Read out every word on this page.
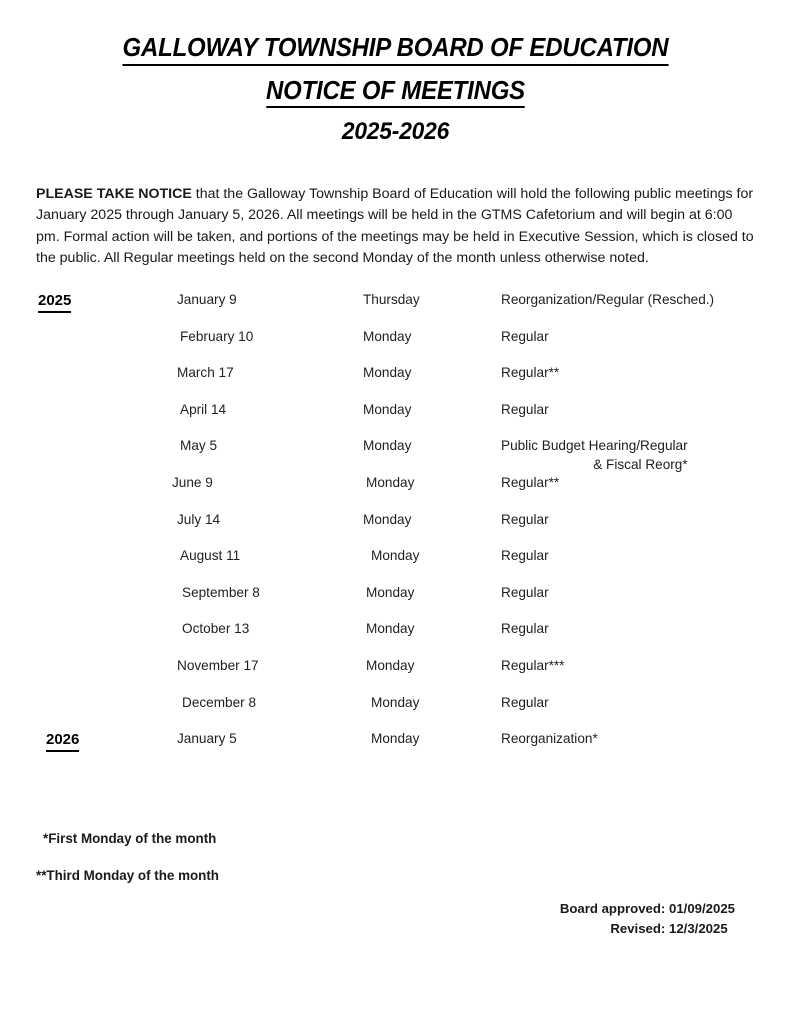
GALLOWAY TOWNSHIP BOARD OF EDUCATION
NOTICE OF MEETINGS
2025-2026

PLEASE TAKE NOTICE that the Galloway Township Board of Education will hold the following public meetings for January 2025 through January 5, 2026. All meetings will be held in the GTMS Cafetorium and will begin at 6:00 pm. Formal action will be taken, and portions of the meetings may be held in Executive Session, which is closed to the public. All Regular meetings held on the second Monday of the month unless otherwise noted.

2025	January 9	Thursday	Reorganization/Regular (Resched.)
February 10	Monday	Regular
March 17	Monday	Regular**
April 14	Monday	Regular
May 5	Monday	Public Budget Hearing/Regular
& Fiscal Reorg*
June 9	Monday	Regular**
July 14	Monday	Regular
August 11	Monday	Regular
September 8	Monday	Regular
October 13	Monday	Regular
November 17	Monday	Regular***
December 8	Monday	Regular
2026	January 5	Monday	Reorganization*
*First Monday of the month
**Third Monday of the month
Board approved: 01/09/2025
Revised: 12/3/2025
